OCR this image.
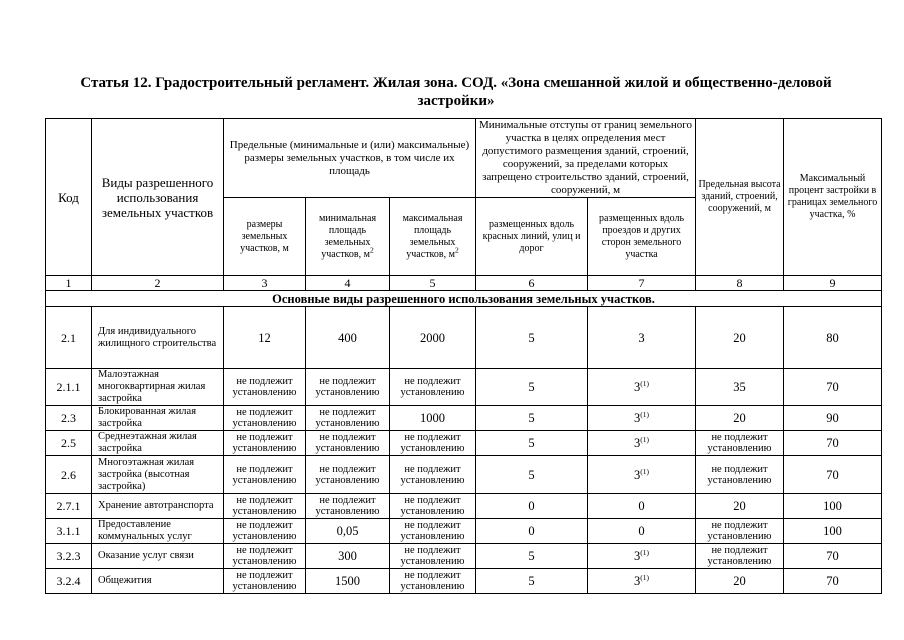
Статья 12. Градостроительный регламент. Жилая зона. СОД. «Зона смешанной жилой и общественно-деловой застройки»
Код	Виды разрешенного использования земельных участков	Предельные (минимальные и (или) максимальные) размеры земельных участков, в том числе их площадь			Минимальные отступы от границ земельного участка в целях определения мест допустимого размещения зданий, строений, сооружений, за пределами которых запрещено строительство зданий, строений, сооружений, м		Предельная высота зданий, строений, сооружений, м	Максимальный процент застройки в границах земельного участка, %
		размеры земельных участков, м	минимальная площадь земельных участков, $м^2$	максимальная площадь земельных участков, $м^2$	размещенных вдоль красных линий, улиц и дорог	размещенных вдоль проездов и других сторон земельного участка		
1	2	3	4	5	6	7	8	9
Основные виды разрешенного использования земельных участков.								
2.1	Для индивидуального жилищного строительства	12	400	2000	5	3	20	80
2.1.1	Малоэтажная многоквартирная жилая застройка	не подлежит установлению	не подлежит установлению	не подлежит установлению	5	3$^{(1)}$	35	70
2.3	Блокированная жилая застройка	не подлежит установлению	не подлежит установлению	1000	5	3$^{(1)}$	20	90
2.5	Среднеэтажная жилая застройка	не подлежит установлению	не подлежит установлению	не подлежит установлению	5	3$^{(1)}$	не подлежит установлению	70
2.6	Многоэтажная жилая застройка (высотная застройка)	не подлежит установлению	не подлежит установлению	не подлежит установлению	5	3$^{(1)}$	не подлежит установлению	70
2.7.1	Хранение автотранспорта	не подлежит установлению	не подлежит установлению	не подлежит установлению	0	0	20	100
3.1.1	Предоставление коммунальных услуг	не подлежит установлению	0,05	не подлежит установлению	0	0	не подлежит установлению	100
3.2.3	Оказание услуг связи	не подлежит установлению	300	не подлежит установлению	5	3$^{(1)}$	не подлежит установлению	70
3.2.4	Общежития	не подлежит установлению	1500	не подлежит установлению	5	3$^{(1)}$	20	70
